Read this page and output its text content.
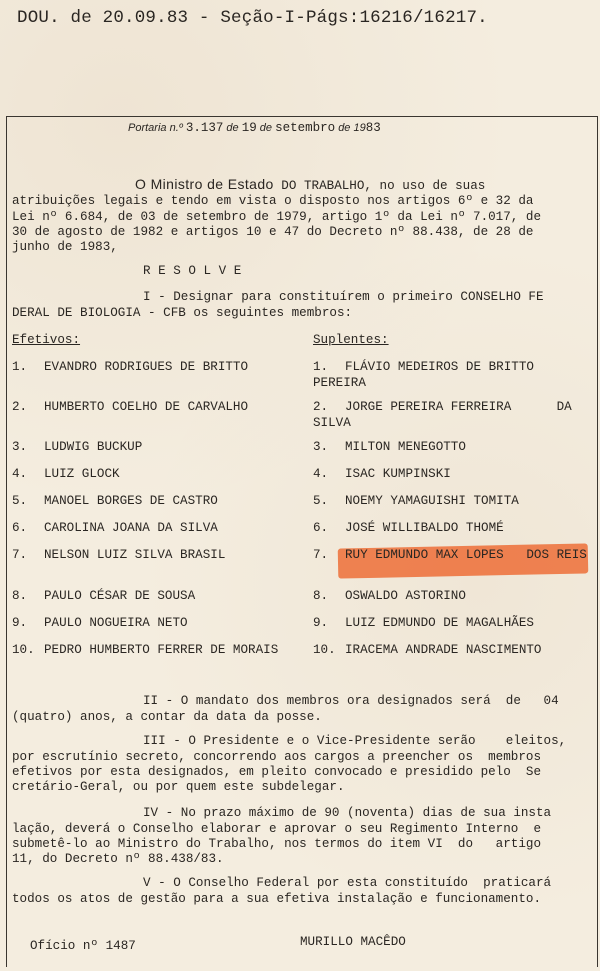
DOU. de 20.09.83 - Seção-I-Págs:16216/16217.
Portaria n.º 3.137 de 19 de setembro de 1983
O Ministro de Estado DO TRABALHO, no uso de suas
atribuições legais e tendo em vista o disposto nos artigos 6º e 32 da
Lei nº 6.684, de 03 de setembro de 1979, artigo 1º da Lei nº 7.017, de
30 de agosto de 1982 e artigos 10 e 47 do Decreto nº 88.438, de 28 de
junho de 1983,
R E S O L V E
I - Designar para constituírem o primeiro CONSELHO FE
DERAL DE BIOLOGIA - CFB os seguintes membros:
Efetivos:	Suplentes:
1. EVANDRO RODRIGUES DE BRITTO
2. HUMBERTO COELHO DE CARVALHO
3. LUDWIG BUCKUP
4. LUIZ GLOCK
5. MANOEL BORGES DE CASTRO
6. CAROLINA JOANA DA SILVA
7. NELSON LUIZ SILVA BRASIL
8. PAULO CÉSAR DE SOUSA
9. PAULO NOGUEIRA NETO
10. PEDRO HUMBERTO FERRER DE MORAIS
1. FLÁVIO MEDEIROS DE BRITTO PEREIRA
2. JORGE PEREIRA FERREIRA      DA SILVA
3. MILTON MENEGOTTO
4. ISAC KUMPINSKI
5. NOEMY YAMAGUISHI TOMITA
6. JOSÉ WILLIBALDO THOMÉ
7. RUY EDMUNDO MAX LOPES   DOS REIS
8. OSWALDO ASTORINO
9. LUIZ EDMUNDO DE MAGALHÃES
10. IRACEMA ANDRADE NASCIMENTO
II - O mandato dos membros ora designados será  de   04
(quatro) anos, a contar da data da posse.
III - O Presidente e o Vice-Presidente serão    eleitos,
por escrutínio secreto, concorrendo aos cargos a preencher os  membros
efetivos por esta designados, em pleito convocado e presidido pelo  Se
cretário-Geral, ou por quem este subdelegar.
IV - No prazo máximo de 90 (noventa) dias de sua insta
lação, deverá o Conselho elaborar e aprovar o seu Regimento Interno  e
submetê-lo ao Ministro do Trabalho, nos termos do item VI  do   artigo
11, do Decreto nº 88.438/83.
V - O Conselho Federal por esta constituído  praticará
todos os atos de gestão para a sua efetiva instalação e funcionamento.
Ofício nº 1487	MURILLO MACÊDO
